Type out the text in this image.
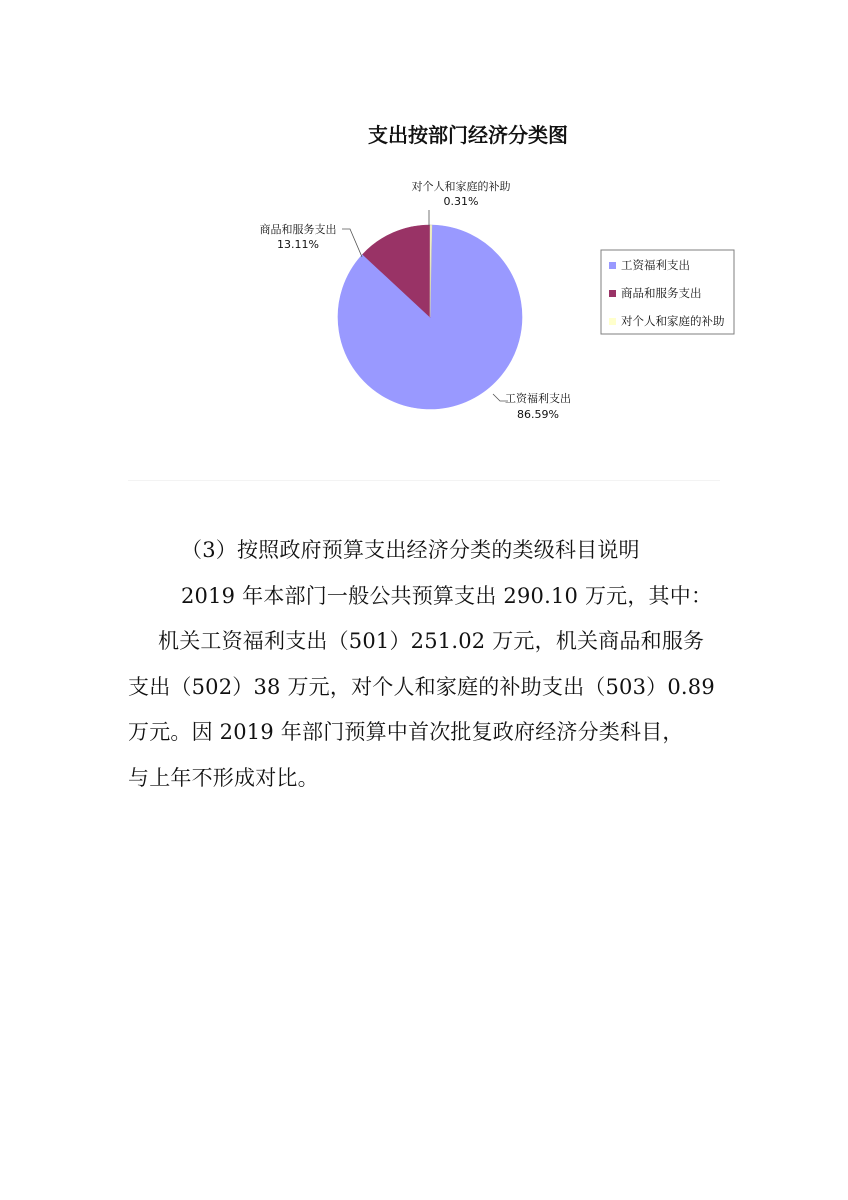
支出按部门经济分类图
工资福利支出
86.59%
商品和服务支出
13.11%
对个人和家庭的补助
0.31%
工资福利支出
商品和服务支出
对个人和家庭的补助
（3）按照政府预算支出经济分类的类级科目说明
2019 年本部门一般公共预算支出 290.10 万元，其中：
机关工资福利支出（501）251.02 万元，机关商品和服务
支出（502）38 万元，对个人和家庭的补助支出（503）0.89
万元。因 2019 年部门预算中首次批复政府经济分类科目，
与上年不形成对比。
